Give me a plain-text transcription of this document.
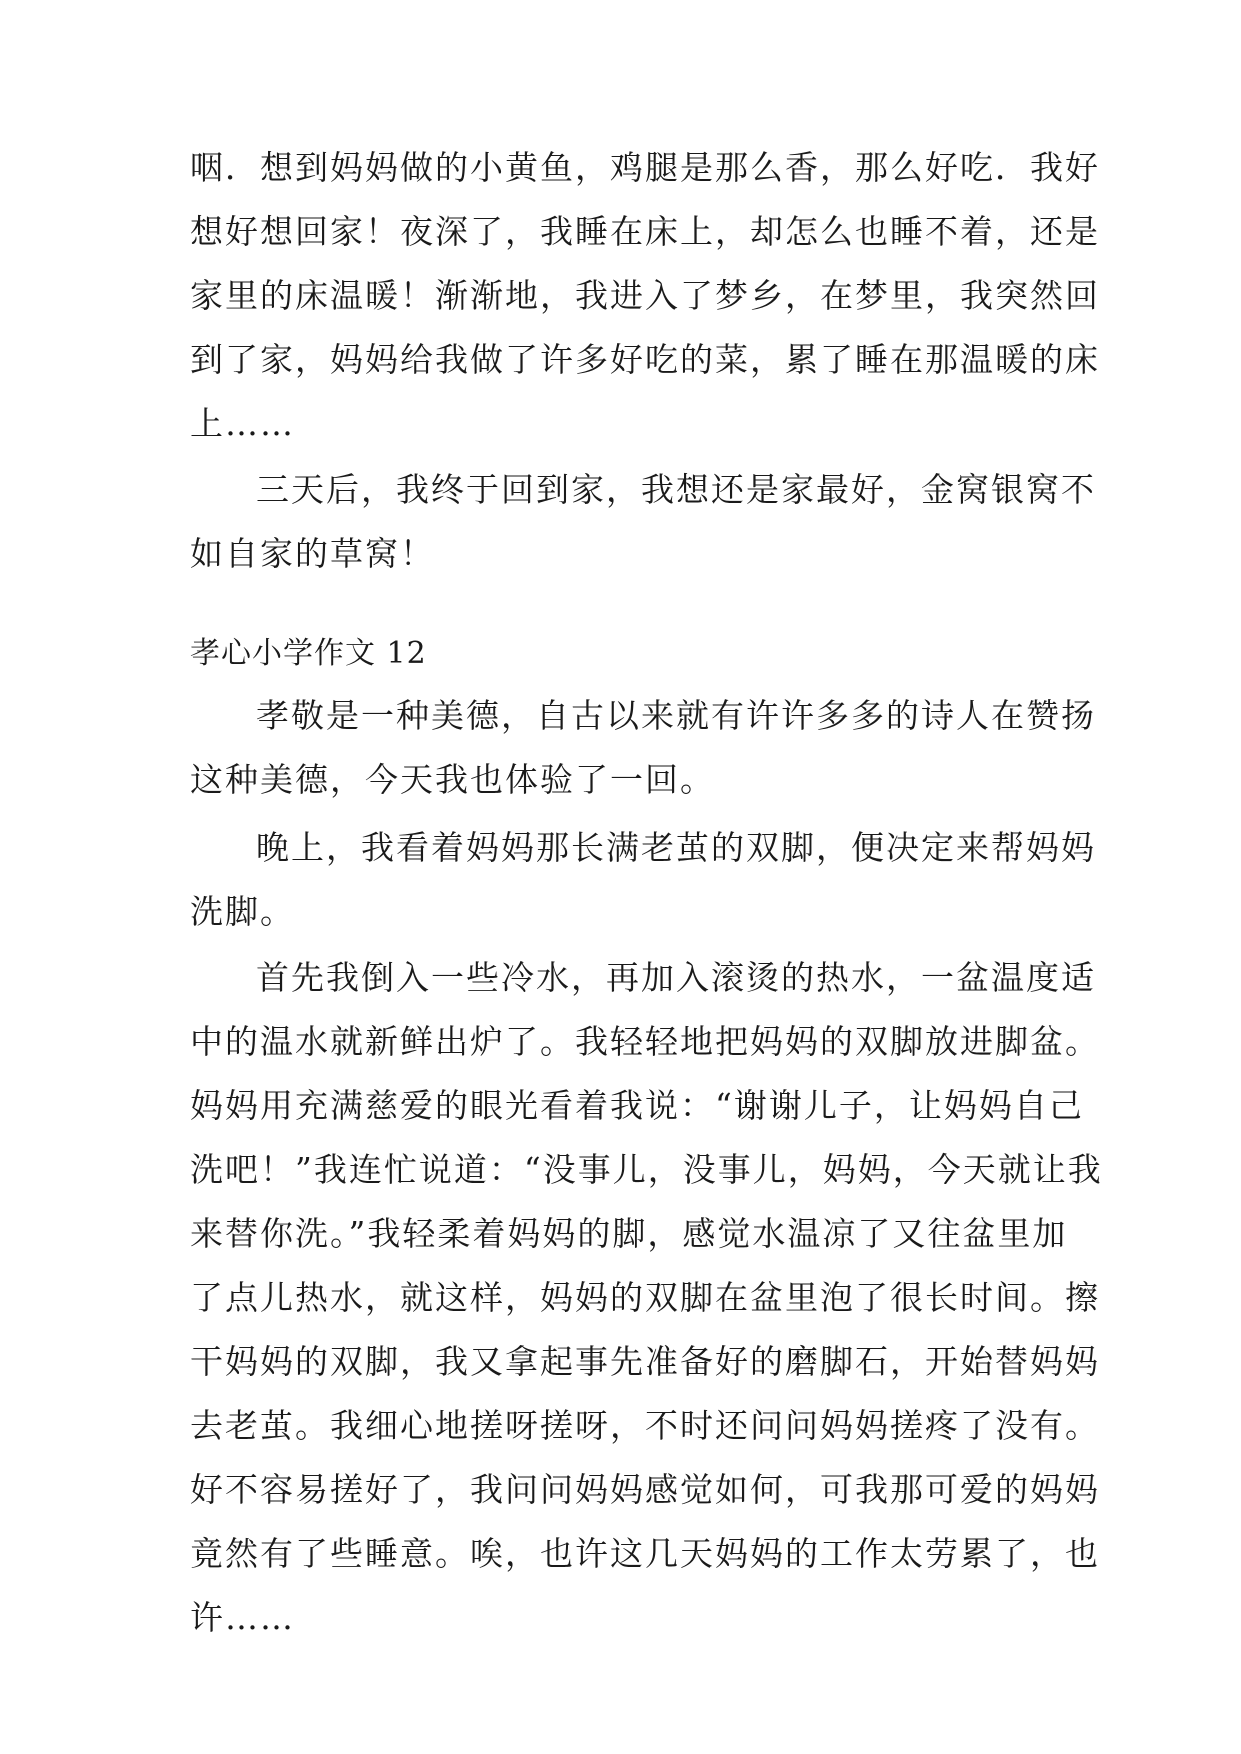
咽．想到妈妈做的小黄鱼，鸡腿是那么香，那么好吃．我好
想好想回家！夜深了，我睡在床上，却怎么也睡不着，还是
家里的床温暖！渐渐地，我进入了梦乡，在梦里，我突然回
到了家，妈妈给我做了许多好吃的菜，累了睡在那温暖的床
上……
三天后，我终于回到家，我想还是家最好，金窝银窝不
如自家的草窝！
孝心小学作文 12
孝敬是一种美德，自古以来就有许许多多的诗人在赞扬
这种美德，今天我也体验了一回。
晚上，我看着妈妈那长满老茧的双脚，便决定来帮妈妈
洗脚。
首先我倒入一些冷水，再加入滚烫的热水，一盆温度适
中的温水就新鲜出炉了。我轻轻地把妈妈的双脚放进脚盆。
妈妈用充满慈爱的眼光看着我说：“谢谢儿子，让妈妈自己
洗吧！”我连忙说道：“没事儿，没事儿，妈妈，今天就让我
来替你洗。”我轻柔着妈妈的脚，感觉水温凉了又往盆里加
了点儿热水，就这样，妈妈的双脚在盆里泡了很长时间。擦
干妈妈的双脚，我又拿起事先准备好的磨脚石，开始替妈妈
去老茧。我细心地搓呀搓呀，不时还问问妈妈搓疼了没有。
好不容易搓好了，我问问妈妈感觉如何，可我那可爱的妈妈
竟然有了些睡意。唉，也许这几天妈妈的工作太劳累了，也
许……
